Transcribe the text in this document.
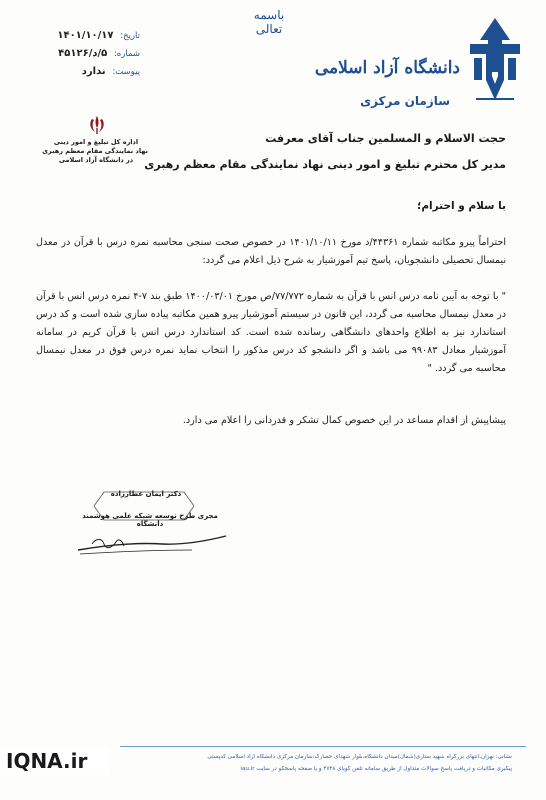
دانشگاه آزاد اسلامی
سازمان مرکزی
باسمه تعالی
تاریخ: ۱۴۰۱/۱۰/۱۷
شماره: ۵/د/۴۵۱۲۶
پیوست: ندارد
اداره کل تبلیغ و امور دینی
نهاد نمایندگی مقام معظم رهبری
در دانشگاه آزاد اسلامی
حجت الاسلام و المسلمین جناب آقای معرفت
مدیر کل محترم تبلیغ و امور دینی نهاد نمایندگی مقام معظم رهبری
با سلام و احترام؛
احتراماً پیرو مکاتبه شماره ۴۴۳۶۱/د مورخ ۱۴۰۱/۱۰/۱۱ در خصوص صحت سنجی محاسبه نمره درس با قرآن در معدل نیمسال تحصیلی دانشجویان، پاسخ تیم آموزشیار به شرح ذیل اعلام می گردد:
" با توجه به آیین نامه درس انس با قرآن به شماره ۷۷/۷۷۲/ص مورخ ۱۴۰۰/۰۳/۰۱ طبق بند ۷-۴ نمره درس انس با قرآن در معدل نیمسال محاسبه می گردد، این قانون در سیستم آموزشیار پیرو همین مکاتبه پیاده سازی شده است و کد درس استاندارد نیز به اطلاع واحدهای دانشگاهی رسانده شده است. کد استاندارد درس انس با قرآن کریم در سامانه آموزشیار معادل ۹۹۰۸۳ می باشد و اگر دانشجو کد درس مذکور را انتخاب نماید نمره درس فوق در معدل نیمسال محاسبه می گردد. "
پیشاپیش از اقدام مساعد در این خصوص کمال تشکر و قدردانی را اعلام می دارد.
دکتر ایمان عطارزاده
مجری طرح توسعه شبکه علمی هوشمند دانشگاه
نشانی: تهران،انتهای بزرگراه شهید ستاری(شمال)میدان دانشگاه،بلوار شهدای حصارک،سازمان مرکزی دانشگاه آزاد اسلامی کدپستی
پیگیری مکاتبات و دریافت پاسخ سوالات متداول از طریق سامانه تلفن گویای ۴۷۴۸ و یا صفحه پاسخگو در سایت iau.ir
IQNA.ir
